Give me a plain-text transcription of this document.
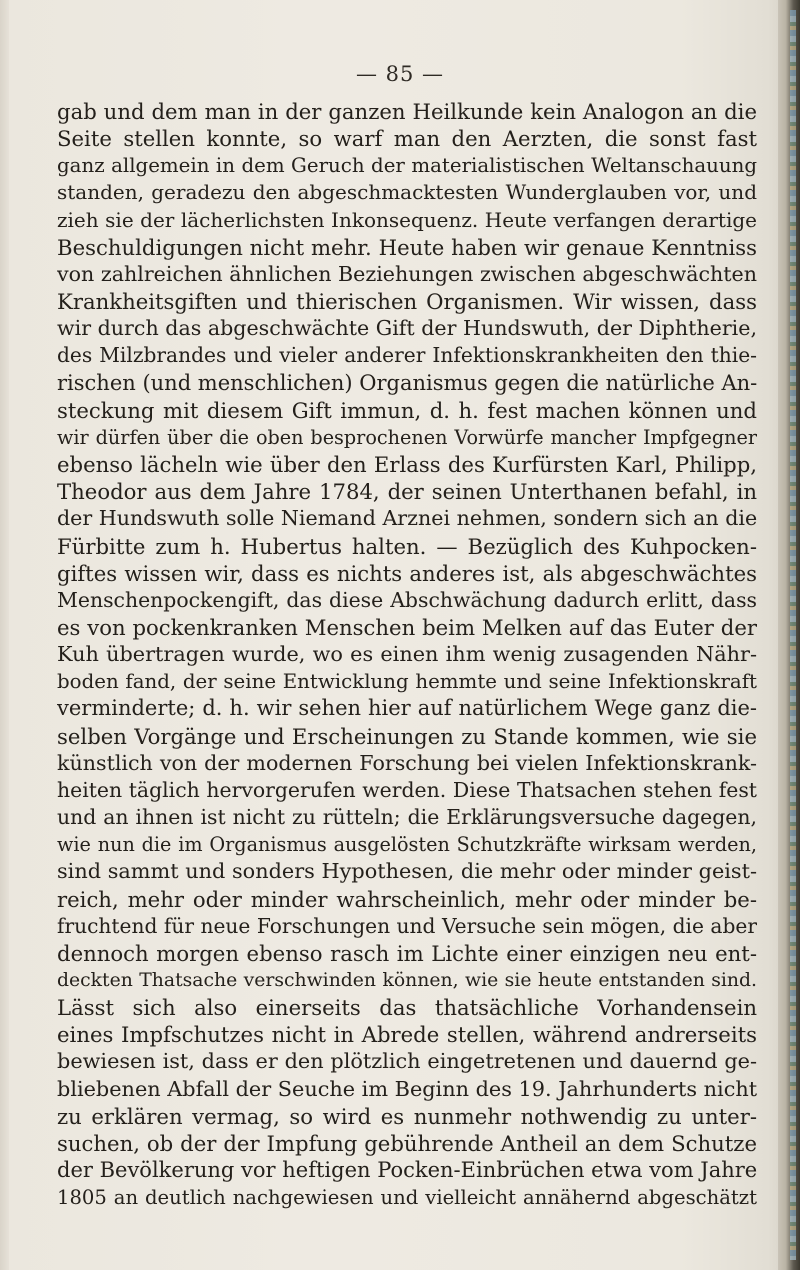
— 85 —
gab und dem man in der ganzen Heilkunde kein Analogon an die
Seite stellen konnte, so warf man den Aerzten, die sonst fast
ganz allgemein in dem Geruch der materialistischen Weltanschauung
standen, geradezu den abgeschmacktesten Wunderglauben vor, und
zieh sie der lächerlichsten Inkonsequenz. Heute verfangen derartige
Beschuldigungen nicht mehr. Heute haben wir genaue Kenntniss
von zahlreichen ähnlichen Beziehungen zwischen abgeschwächten
Krankheitsgiften und thierischen Organismen. Wir wissen, dass
wir durch das abgeschwächte Gift der Hundswuth, der Diphtherie,
des Milzbrandes und vieler anderer Infektionskrankheiten den thie-
rischen (und menschlichen) Organismus gegen die natürliche An-
steckung mit diesem Gift immun, d. h. fest machen können und
wir dürfen über die oben besprochenen Vorwürfe mancher Impfgegner
ebenso lächeln wie über den Erlass des Kurfürsten Karl, Philipp,
Theodor aus dem Jahre 1784, der seinen Unterthanen befahl, in
der Hundswuth solle Niemand Arznei nehmen, sondern sich an die
Fürbitte zum h. Hubertus halten. — Bezüglich des Kuhpocken-
giftes wissen wir, dass es nichts anderes ist, als abgeschwächtes
Menschenpockengift, das diese Abschwächung dadurch erlitt, dass
es von pockenkranken Menschen beim Melken auf das Euter der
Kuh übertragen wurde, wo es einen ihm wenig zusagenden Nähr-
boden fand, der seine Entwicklung hemmte und seine Infektionskraft
verminderte; d. h. wir sehen hier auf natürlichem Wege ganz die-
selben Vorgänge und Erscheinungen zu Stande kommen, wie sie
künstlich von der modernen Forschung bei vielen Infektionskrank-
heiten täglich hervorgerufen werden. Diese Thatsachen stehen fest
und an ihnen ist nicht zu rütteln; die Erklärungsversuche dagegen,
wie nun die im Organismus ausgelösten Schutzkräfte wirksam werden,
sind sammt und sonders Hypothesen, die mehr oder minder geist-
reich, mehr oder minder wahrscheinlich, mehr oder minder be-
fruchtend für neue Forschungen und Versuche sein mögen, die aber
dennoch morgen ebenso rasch im Lichte einer einzigen neu ent-
deckten Thatsache verschwinden können, wie sie heute entstanden sind.
Lässt sich also einerseits das thatsächliche Vorhandensein
eines Impfschutzes nicht in Abrede stellen, während andrerseits
bewiesen ist, dass er den plötzlich eingetretenen und dauernd ge-
bliebenen Abfall der Seuche im Beginn des 19. Jahrhunderts nicht
zu erklären vermag, so wird es nunmehr nothwendig zu unter-
suchen, ob der der Impfung gebührende Antheil an dem Schutze
der Bevölkerung vor heftigen Pocken-Einbrüchen etwa vom Jahre
1805 an deutlich nachgewiesen und vielleicht annähernd abgeschätzt
